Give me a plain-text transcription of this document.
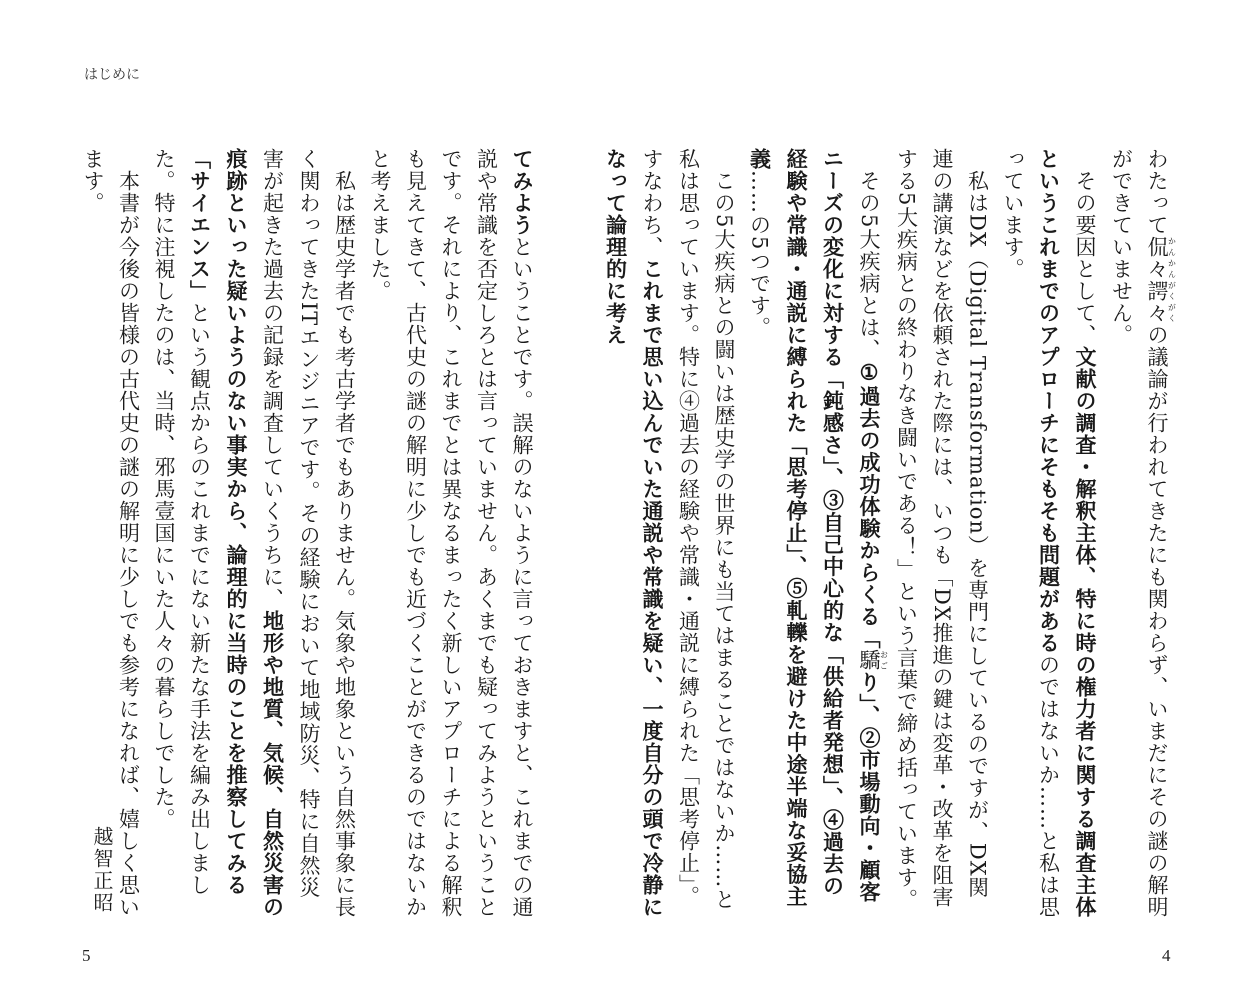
はじめに

わたって侃々諤々かんかんがくがくの議論が行われてきたにも関わらず、いまだにその謎の解明ができていません。

　その要因として、文献の調査・解釈主体、特に時の権力者に関する調査主体というこれまでのアプローチにそもそも問題があるのではないか……と私は思っています。

　私はDX（Digital Transformation）を専門にしているのですが、DX関連の講演などを依頼された際には、いつも「DX推進の鍵は変革・改革を阻害する5大疾病との終わりなき闘いである！」という言葉で締め括っています。

　その5大疾病とは、①過去の成功体験からくる「驕おごり」、②市場動向・顧客ニーズの変化に対する「鈍感さ」、③自己中心的な「供給者発想」、④過去の経験や常識・通説に縛られた「思考停止」、⑤軋轢を避けた中途半端な妥協主義……の5つです。

　この5大疾病との闘いは歴史学の世界にも当てはまることではないか……と私は思っています。特に④過去の経験や常識・通説に縛られた「思考停止」。すなわち、これまで思い込んでいた通説や常識を疑い、一度自分の頭で冷静になって論理的に考え

てみようということです。誤解のないように言っておきますと、これまでの通説や常識を否定しろとは言っていません。あくまでも疑ってみようということです。それにより、これまでとは異なるまったく新しいアプローチによる解釈も見えてきて、古代史の謎の解明に少しでも近づくことができるのではないかと考えました。

　私は歴史学者でも考古学者でもありません。気象や地象という自然事象に長く関わってきたITエンジニアです。その経験において地域防災、特に自然災害が起きた過去の記録を調査していくうちに、地形や地質、気候、自然災害の痕跡といった疑いようのない事実から、論理的に当時のことを推察してみる「サイエンス」という観点からのこれまでにない新たな手法を編み出しました。特に注視したのは、当時、邪馬壹国にいた人々の暮らしでした。

　本書が今後の皆様の古代史の謎の解明に少しでも参考になれば、嬉しく思います。

越智正昭
5	4
